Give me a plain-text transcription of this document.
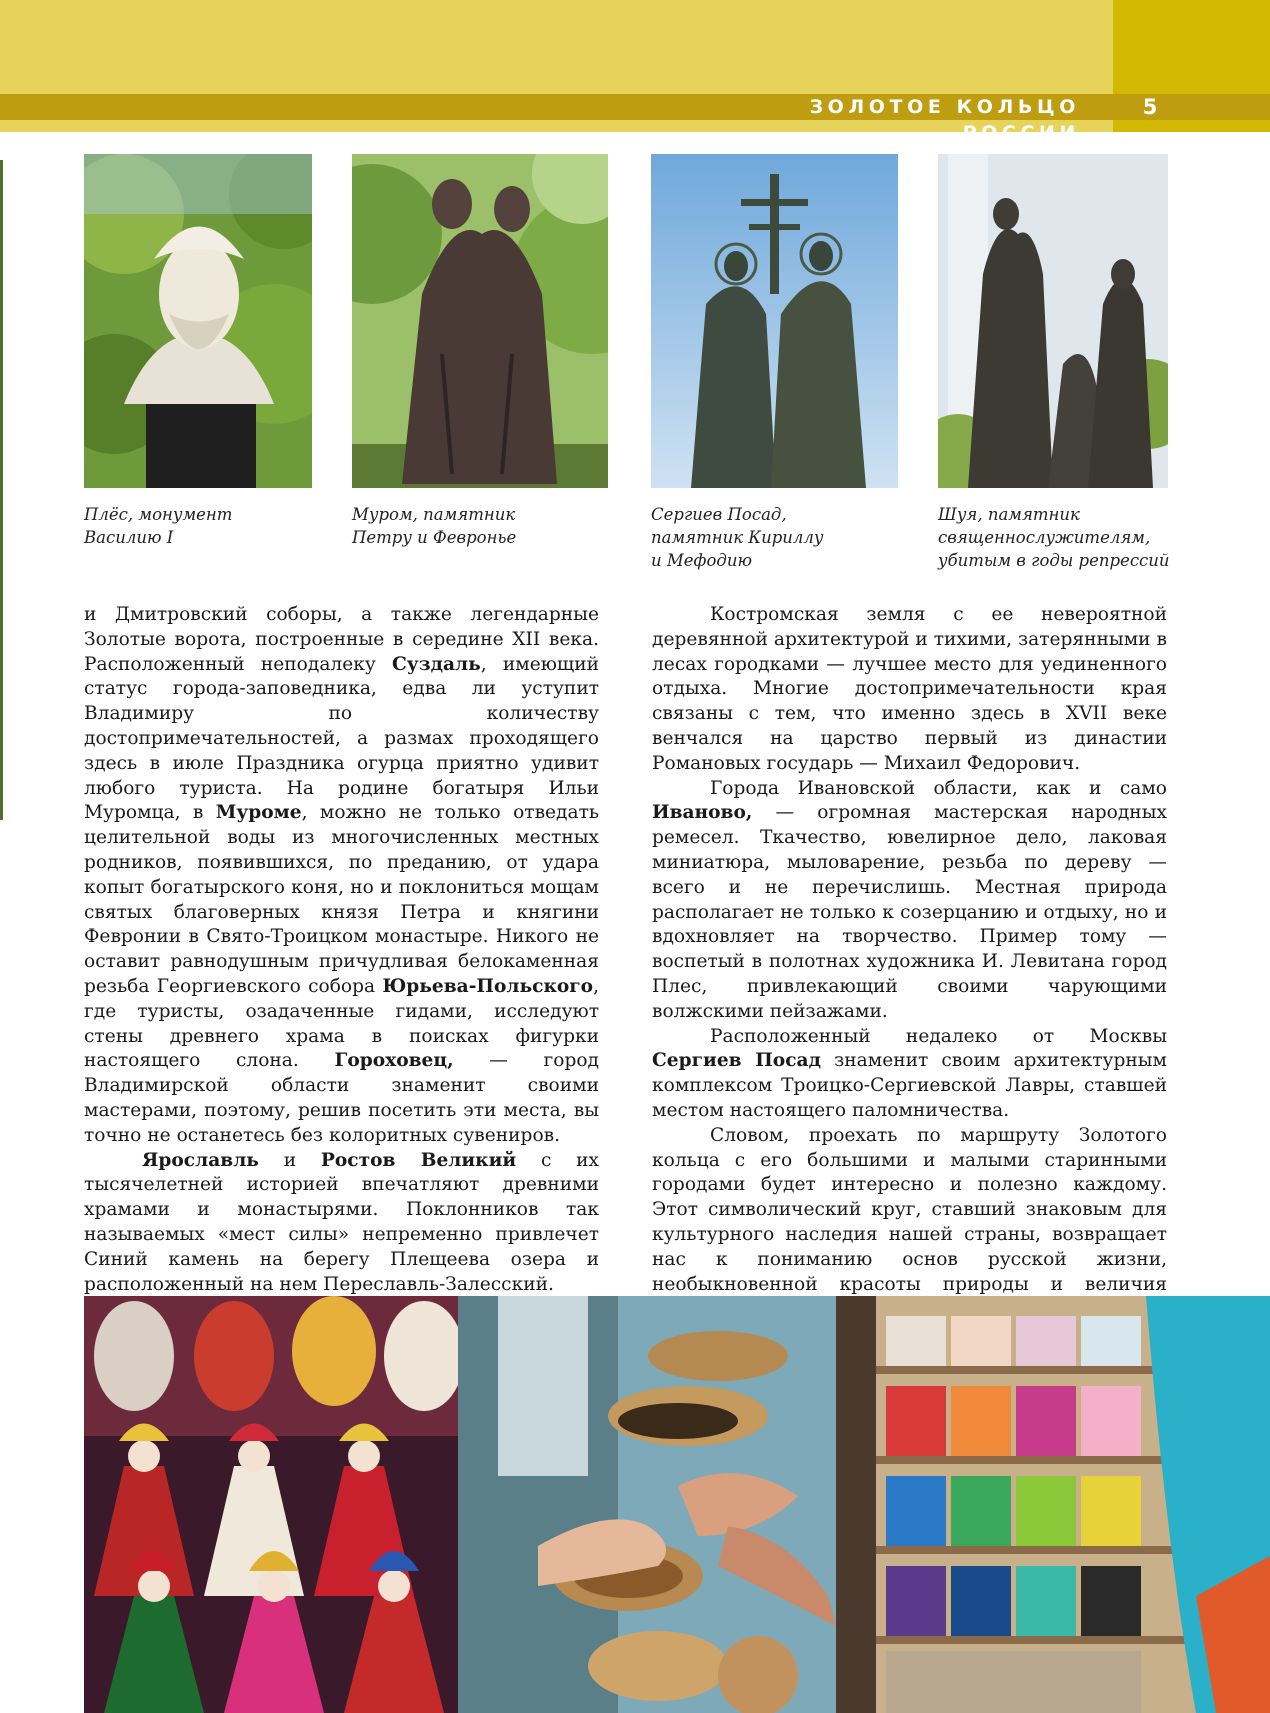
ЗОЛОТОЕ КОЛЬЦО РОССИИ
5
Плёс, монумент
Василию I
Муром, памятник
Петру и Февронье
Сергиев Посад,
памятник Кириллу
и Мефодию
Шуя, памятник
священнослужителям,
убитым в годы репрессий

и Дмитровский соборы, а также легендарные Золотые ворота, построенные в середине XII века. Расположенный неподалеку Суздаль, имеющий статус города-заповедника, едва ли уступит Владимиру по количеству достопримечательностей, а размах проходящего здесь в июле Праздника огурца приятно удивит любого туриста. На родине богатыря Ильи Муромца, в Муроме, можно не только отведать целительной воды из многочисленных местных родников, появившихся, по преданию, от удара копыт богатырского коня, но и поклониться мощам святых благоверных князя Петра и княгини Февронии в Свято-Троицком монастыре. Никого не оставит равнодушным причудливая белокаменная резьба Георгиевского собора Юрьева-Польского, где туристы, озадаченные гидами, исследуют стены древнего храма в поисках фигурки настоящего слона. Гороховец, — город Владимирской области знаменит своими мастерами, поэтому, решив посетить эти места, вы точно не останетесь без колоритных сувениров.

Ярославль и Ростов Великий с их тысячелетней историей впечатляют древними храмами и монастырями. Поклонников так называемых «мест силы» непременно привлечет Синий камень на берегу Плещеева озера и расположенный на нем Переславль-Залесский.

Костромская земля с ее невероятной деревянной архитектурой и тихими, затерянными в лесах городками — лучшее место для уединенного отдыха. Многие достопримечательности края связаны с тем, что именно здесь в XVII веке венчался на царство первый из династии Романовых государь — Михаил Федорович.

Города Ивановской области, как и само Иваново, — огромная мастерская народных ремесел. Ткачество, ювелирное дело, лаковая миниатюра, мыловарение, резьба по дереву — всего и не перечислишь. Местная природа располагает не только к созерцанию и отдыху, но и вдохновляет на творчество. Пример тому — воспетый в полотнах художника И. Левитана город Плес, привлекающий своими чарующими волжскими пейзажами.

Расположенный недалеко от Москвы Сергиев Посад знаменит своим архитектурным комплексом Троицко-Сергиевской Лавры, ставшей местом настоящего паломничества.

Словом, проехать по маршруту Золотого кольца с его большими и малыми старинными городами будет интересно и полезно каждому. Этот символический круг, ставший знаковым для культурного наследия нашей страны, возвращает нас к пониманию основ русской жизни, необыкновенной красоты природы и величия
